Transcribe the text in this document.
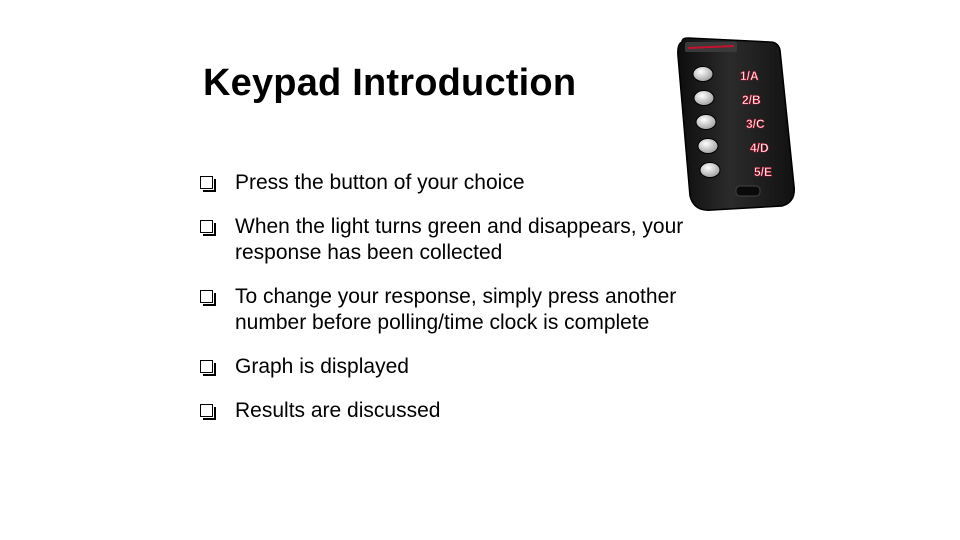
Keypad Introduction
Press the button of your choice
When the light turns green and disappears, your response has been collected
To change your response, simply press another number before polling/time clock is complete
Graph is displayed
Results are discussed
1/A
2/B
3/C
4/D
5/E
